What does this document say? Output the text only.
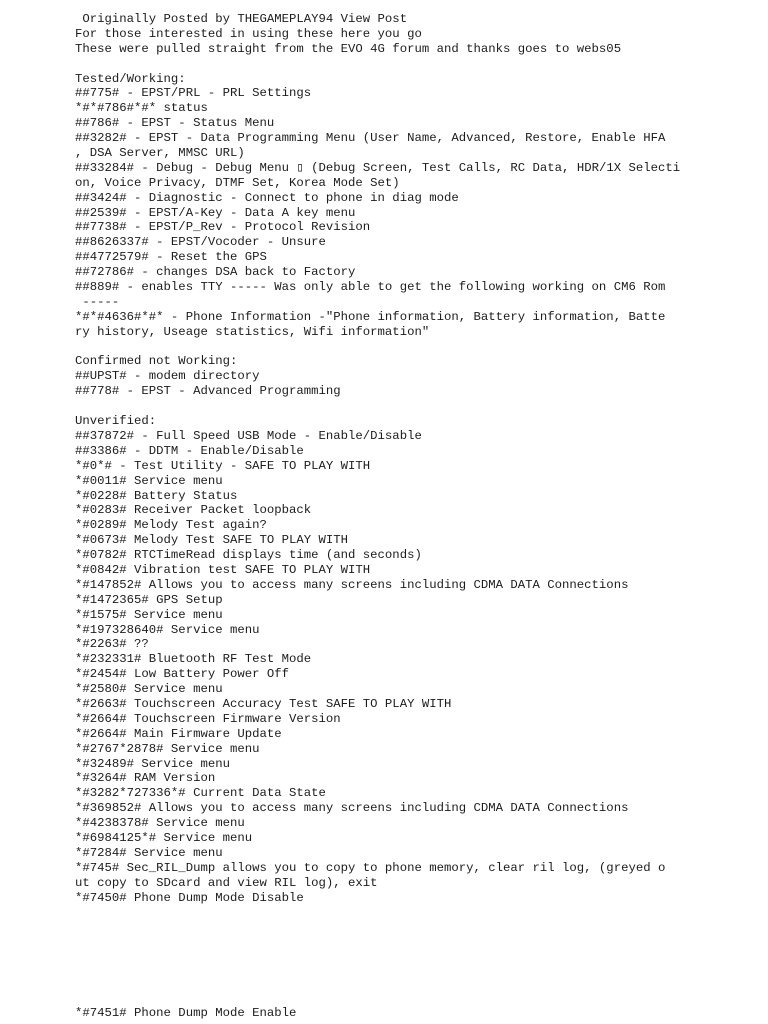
Originally Posted by THEGAMEPLAY94 View Post
For those interested in using these here you go
These were pulled straight from the EVO 4G forum and thanks goes to webs05
Tested/Working:
##775# - EPST/PRL - PRL Settings
*#*#786#*#* status
##786# - EPST - Status Menu
##3282# - EPST - Data Programming Menu (User Name, Advanced, Restore, Enable HFA
, DSA Server, MMSC URL)
##33284# - Debug - Debug Menu ▯ (Debug Screen, Test Calls, RC Data, HDR/1X Selecti
on, Voice Privacy, DTMF Set, Korea Mode Set)
##3424# - Diagnostic - Connect to phone in diag mode
##2539# - EPST/A-Key - Data A key menu
##7738# - EPST/P_Rev - Protocol Revision
##8626337# - EPST/Vocoder - Unsure
##4772579# - Reset the GPS
##72786# - changes DSA back to Factory
##889# - enables TTY ----- Was only able to get the following working on CM6 Rom
-----
*#*#4636#*#* - Phone Information -"Phone information, Battery information, Batte
ry history, Useage statistics, Wifi information"
Confirmed not Working:
##UPST# - modem directory
##778# - EPST - Advanced Programming
Unverified:
##37872# - Full Speed USB Mode - Enable/Disable
##3386# - DDTM - Enable/Disable
*#0*# - Test Utility - SAFE TO PLAY WITH
*#0011# Service menu
*#0228# Battery Status
*#0283# Receiver Packet loopback
*#0289# Melody Test again?
*#0673# Melody Test SAFE TO PLAY WITH
*#0782# RTCTimeRead displays time (and seconds)
*#0842# Vibration test SAFE TO PLAY WITH
*#147852# Allows you to access many screens including CDMA DATA Connections
*#1472365# GPS Setup
*#1575# Service menu
*#197328640# Service menu
*#2263# ??
*#232331# Bluetooth RF Test Mode
*#2454# Low Battery Power Off
*#2580# Service menu
*#2663# Touchscreen Accuracy Test SAFE TO PLAY WITH
*#2664# Touchscreen Firmware Version
*#2664# Main Firmware Update
*#2767*2878# Service menu
*#32489# Service menu
*#3264# RAM Version
*#3282*727336*# Current Data State
*#369852# Allows you to access many screens including CDMA DATA Connections
*#4238378# Service menu
*#6984125*# Service menu
*#7284# Service menu
*#745# Sec_RIL_Dump allows you to copy to phone memory, clear ril log, (greyed o
ut copy to SDcard and view RIL log), exit
*#7450# Phone Dump Mode Disable
*#7451# Phone Dump Mode Enable
